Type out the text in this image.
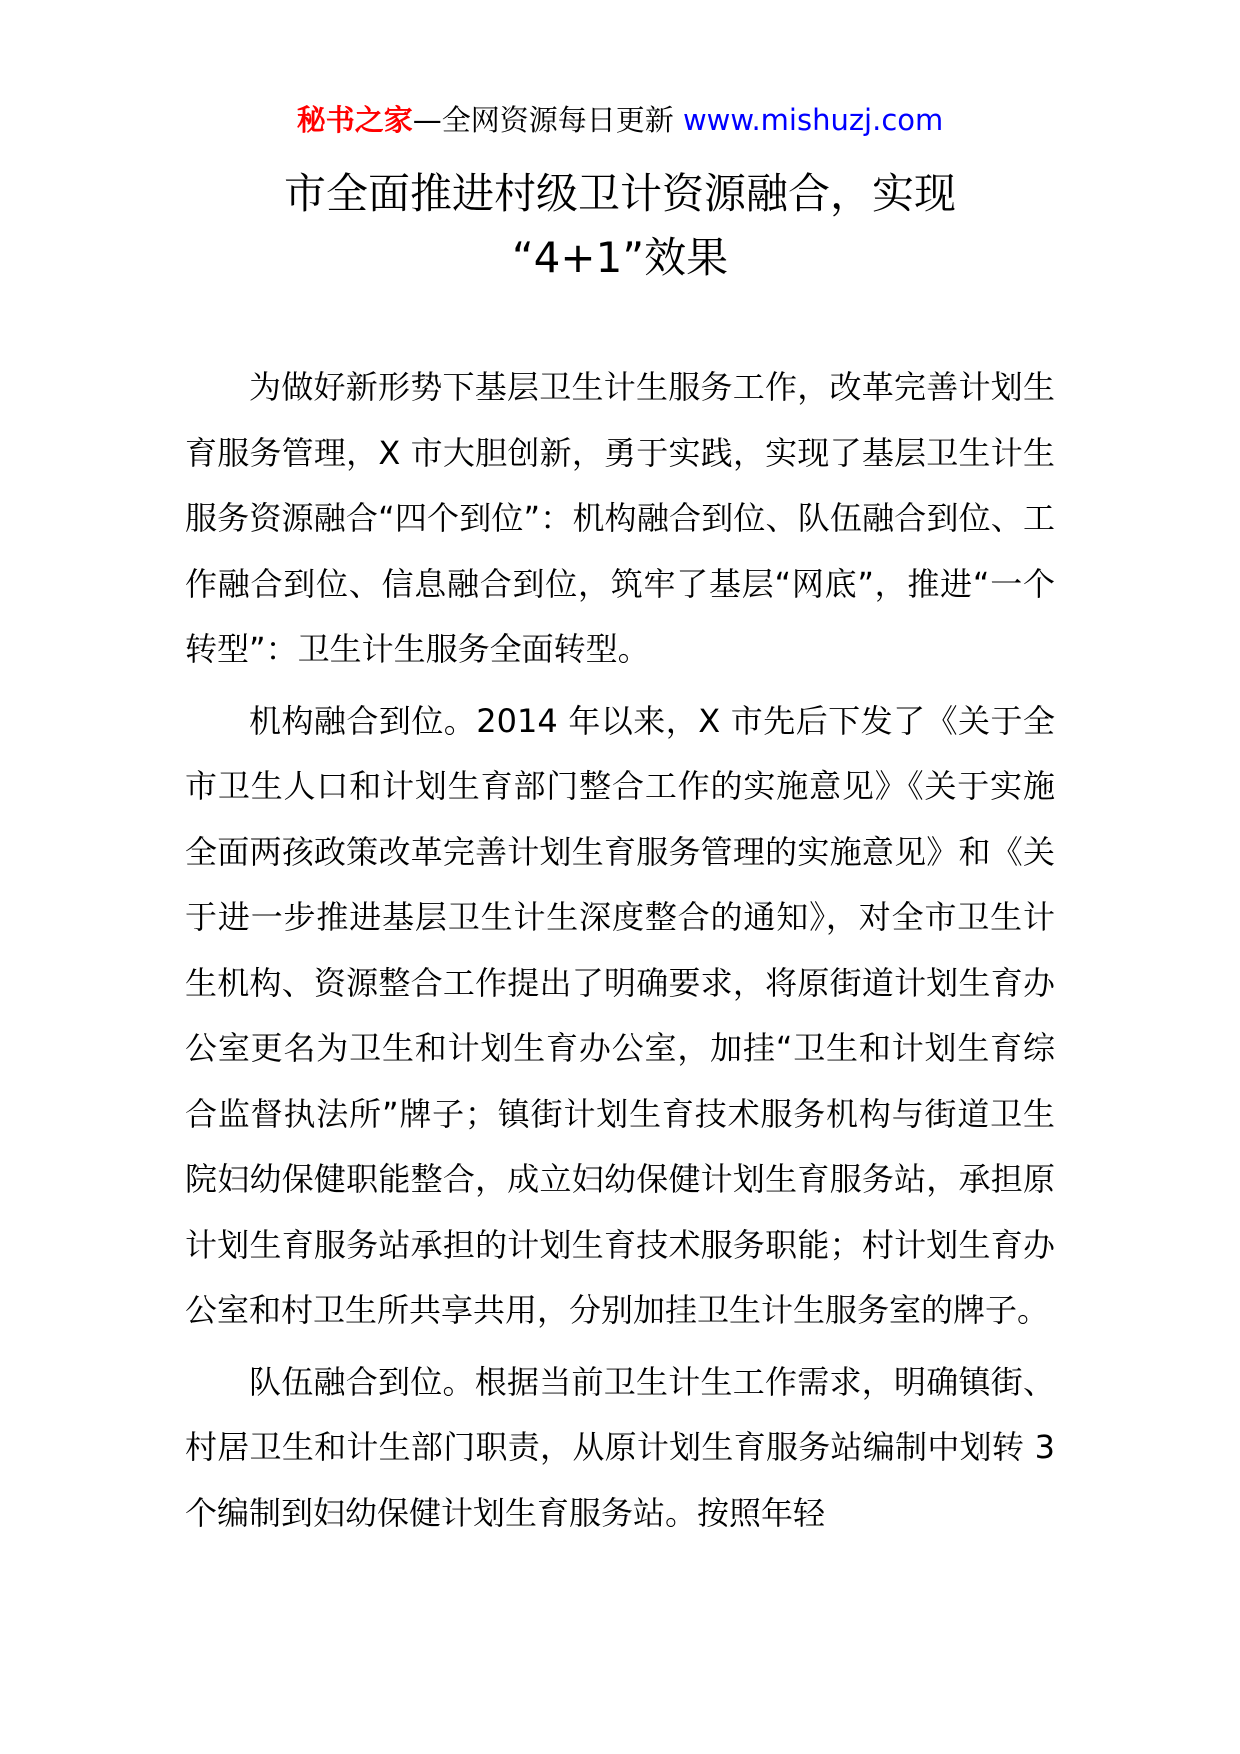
秘书之家—全网资源每日更新 www.mishuzj.com
市全面推进村级卫计资源融合，实现
“4+1”效果

为做好新形势下基层卫生计生服务工作，改革完善计划生育服务管理，X 市大胆创新，勇于实践，实现了基层卫生计生服务资源融合“四个到位”：机构融合到位、队伍融合到位、工作融合到位、信息融合到位，筑牢了基层“网底”，推进“一个转型”：卫生计生服务全面转型。

机构融合到位。2014 年以来，X 市先后下发了《关于全市卫生人口和计划生育部门整合工作的实施意见》《关于实施全面两孩政策改革完善计划生育服务管理的实施意见》和《关于进一步推进基层卫生计生深度整合的通知》，对全市卫生计生机构、资源整合工作提出了明确要求，将原街道计划生育办公室更名为卫生和计划生育办公室，加挂“卫生和计划生育综合监督执法所”牌子；镇街计划生育技术服务机构与街道卫生院妇幼保健职能整合，成立妇幼保健计划生育服务站，承担原计划生育服务站承担的计划生育技术服务职能；村计划生育办公室和村卫生所共享共用，分别加挂卫生计生服务室的牌子。

队伍融合到位。根据当前卫生计生工作需求，明确镇街、村居卫生和计生部门职责，从原计划生育服务站编制中划转 3 个编制到妇幼保健计划生育服务站。按照年轻
